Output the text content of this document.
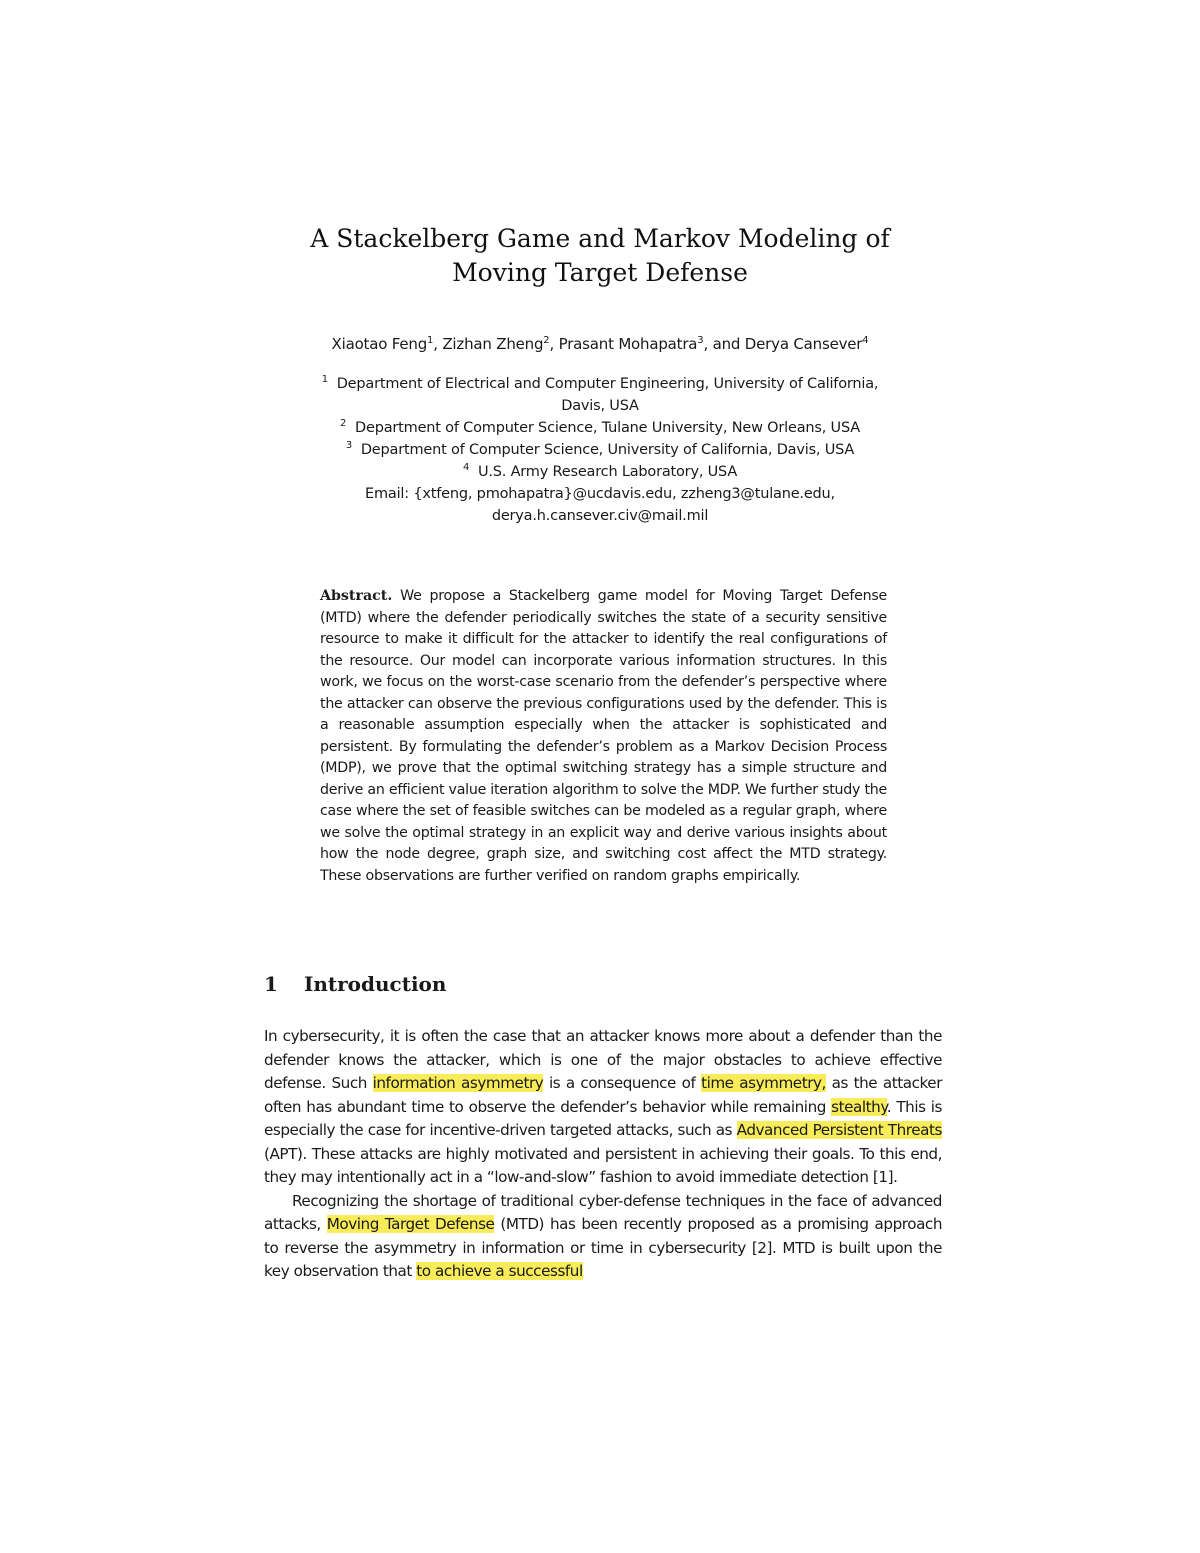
A Stackelberg Game and Markov Modeling of
Moving Target Defense
Xiaotao Feng$^1$, Zizhan Zheng$^2$, Prasant Mohapatra$^3$, and Derya Cansever$^4$
$^1$ Department of Electrical and Computer Engineering, University of California,
Davis, USA
$^2$ Department of Computer Science, Tulane University, New Orleans, USA
$^3$ Department of Computer Science, University of California, Davis, USA
$^4$ U.S. Army Research Laboratory, USA
Email: {xtfeng, pmohapatra}@ucdavis.edu, zzheng3@tulane.edu,
derya.h.cansever.civ@mail.mil
Abstract. We propose a Stackelberg game model for Moving Target Defense (MTD) where the defender periodically switches the state of a security sensitive resource to make it difficult for the attacker to identify the real configurations of the resource. Our model can incorporate various information structures. In this work, we focus on the worst-case scenario from the defender’s perspective where the attacker can observe the previous configurations used by the defender. This is a reasonable assumption especially when the attacker is sophisticated and persistent. By formulating the defender’s problem as a Markov Decision Process (MDP), we prove that the optimal switching strategy has a simple structure and derive an efficient value iteration algorithm to solve the MDP. We further study the case where the set of feasible switches can be modeled as a regular graph, where we solve the optimal strategy in an explicit way and derive various insights about how the node degree, graph size, and switching cost affect the MTD strategy. These observations are further verified on random graphs empirically.
1 Introduction

In cybersecurity, it is often the case that an attacker knows more about a defender than the defender knows the attacker, which is one of the major obstacles to achieve effective defense. Such information asymmetry is a consequence of time asymmetry, as the attacker often has abundant time to observe the defender’s behavior while remaining stealthy. This is especially the case for incentive-driven targeted attacks, such as Advanced Persistent Threats (APT). These attacks are highly motivated and persistent in achieving their goals. To this end, they may intentionally act in a “low-and-slow” fashion to avoid immediate detection [1].

Recognizing the shortage of traditional cyber-defense techniques in the face of advanced attacks, Moving Target Defense (MTD) has been recently proposed as a promising approach to reverse the asymmetry in information or time in cybersecurity [2]. MTD is built upon the key observation that to achieve a successful
